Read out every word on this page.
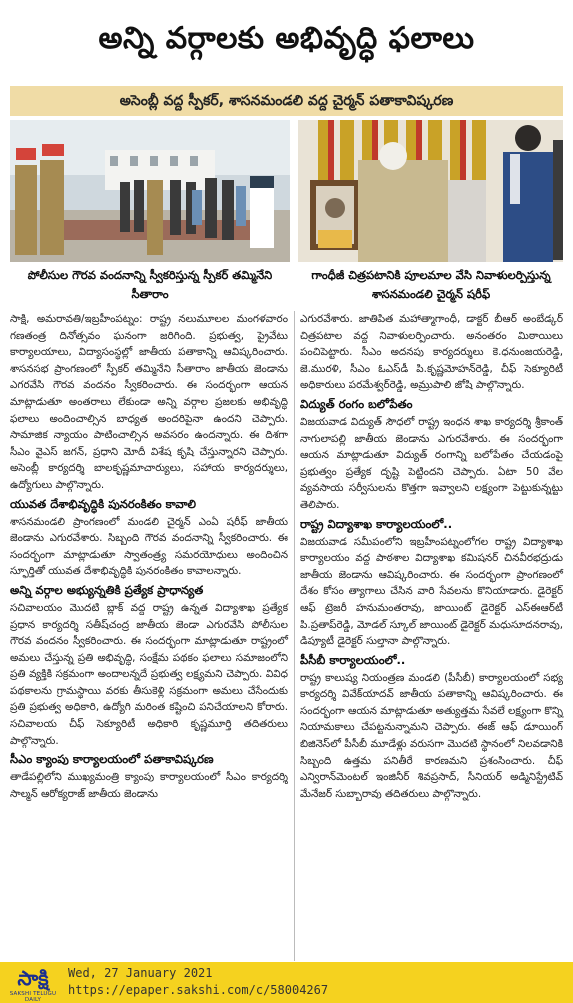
అన్ని వర్గాలకు అభివృద్ధి ఫలాలు
అసెంబ్లీ వద్ద స్పీకర్, శాసనమండలి వద్ద చైర్మన్ పతాకావిష్కరణ
పోలీసుల గౌరవ వందనాన్ని స్వీకరిస్తున్న స్పీకర్ తమ్మినేని సీతారాం
గాంధీజీ చిత్రపటానికి పూలమాల వేసి నివాళులర్పిస్తున్న శాసనమండలి చైర్మన్ షరీఫ్

సాక్షి, అమరావతి/ఇబ్రహీంపట్నం: రాష్ట్ర నలుమూలల మంగళవారం గణతంత్ర దినోత్సవం ఘనంగా జరిగింది. ప్రభుత్వ, ప్రైవేటు కార్యాలయాలు, విద్యాసంస్థల్లో జాతీయ పతాకాన్ని ఆవిష్కరించారు. శాసనసభ ప్రాంగణంలో స్పీకర్ తమ్మినేని సీతారాం జాతీయ జెండాను ఎగరవేసి గౌరవ వందనం స్వీకరించారు. ఈ సందర్భంగా ఆయన మాట్లాడుతూ అంతరాలు లేకుండా అన్ని వర్గాల ప్రజలకు అభివృద్ధి ఫలాలు అందించాల్సిన బాధ్యత అందరిపైనా ఉందని చెప్పారు. సామాజిక న్యాయం పాటించాల్సిన అవసరం ఉందన్నారు. ఈ దిశగా సీఎం వైఎస్ జగన్, ప్రధాని మోదీ విశేష కృషి చేస్తున్నారని చెప్పారు. అసెంబ్లీ కార్యదర్శి బాలకృష్ణమాచార్యులు, సహాయ కార్యదర్శులు, ఉద్యోగులు పాల్గొన్నారు.

యువత దేశాభివృద్ధికి పునరంకితం కావాలి

శాసనమండలి ప్రాంగణంలో మండలి చైర్మన్ ఎంఏ షరీఫ్ జాతీయ జెండాను ఎగురవేశారు. సిబ్బంది గౌరవ వందనాన్ని స్వీకరించారు. ఈ సందర్భంగా మాట్లాడుతూ స్వాతంత్ర్య సమరయోధులు అందించిన స్ఫూర్తితో యువత దేశాభివృద్ధికి పునరంకితం కావాలన్నారు.

అన్ని వర్గాల అభ్యున్నతికి ప్రత్యేక ప్రాధాన్యత

సచివాలయం మొదటి బ్లాక్ వద్ద రాష్ట్ర ఉన్నత విద్యాశాఖ ప్రత్యేక ప్రధాన కార్యదర్శి సతీష్‌చంద్ర జాతీయ జెండా ఎగురవేసి పోలీసుల గౌరవ వందనం స్వీకరించారు. ఈ సందర్భంగా మాట్లాడుతూ రాష్ట్రంలో అమలు చేస్తున్న ప్రతి అభివృద్ధి, సంక్షేమ పథకం ఫలాలు సమాజంలోని ప్రతి వ్యక్తికి సక్రమంగా అందాలన్నదే ప్రభుత్వ లక్ష్యమని చెప్పారు. వివిధ పథకాలను గ్రామస్థాయి వరకు తీసుకెళ్లి సక్రమంగా అమలు చేసేందుకు ప్రతి ప్రభుత్వ అధికారి, ఉద్యోగి మరింత కష్టించి పనిచేయాలని కోరారు. సచివాలయ చీఫ్ సెక్యూరిటీ అధికారి కృష్ణమూర్తి తదితరులు పాల్గొన్నారు.

సీఎం క్యాంపు కార్యాలయంలో పతాకావిష్కరణ

తాడేపల్లిలోని ముఖ్యమంత్రి క్యాంపు కార్యాలయంలో సీఎం కార్యదర్శి సాల్మన్ ఆరోక్యరాజ్ జాతీయ జెండాను

ఎగురవేశారు. జాతిపిత మహాత్మాగాంధీ, డాక్టర్ బీఆర్ అంబేడ్కర్ చిత్రపటాల వద్ద నివాళులర్పించారు. అనంతరం మిఠాయిలు పంచిపెట్టారు. సీఎం అదనపు కార్యదర్శులు కె.ధనుంజయరెడ్డి, జె.మురళి, సీఎం ఓఎస్‌డీ పి.కృష్ణమోహన్‌రెడ్డి, చీఫ్ సెక్యూరిటీ అధికారులు పరమేశ్వర్‌రెడ్డి, అమ్రుపాలి జోషి పాల్గొన్నారు.

విద్యుత్ రంగం బలోపేతం

విజయవాడ విద్యుత్ సౌధలో రాష్ట్ర ఇంధన శాఖ కార్యదర్శి శ్రీకాంత్ నాగులాపల్లి జాతీయ జెండాను ఎగురవేశారు. ఈ సందర్భంగా ఆయన మాట్లాడుతూ విద్యుత్ రంగాన్ని బలోపేతం చేయడంపై ప్రభుత్వం ప్రత్యేక దృష్టి పెట్టిందని చెప్పారు. ఏటా 50 వేల వ్యవసాయ సర్వీసులను కొత్తగా ఇవ్వాలని లక్ష్యంగా పెట్టుకున్నట్టు తెలిపారు.

రాష్ట్ర విద్యాశాఖ కార్యాలయంలో..

విజయవాడ సమీపంలోని ఇబ్రహీంపట్నంలోగల రాష్ట్ర విద్యాశాఖ కార్యాలయం వద్ద పాఠశాల విద్యాశాఖ కమిషనర్ చినవీరభద్రుడు జాతీయ జెండాను ఆవిష్కరించారు. ఈ సందర్భంగా ప్రాంగణంలో దేశం కోసం త్యాగాలు చేసిన వారి సేవలను కొనియాడారు. డైరెక్టర్ ఆఫ్ ట్రెజరీ హనుమంతరావు, జాయింట్ డైరెక్టర్ ఎస్‌ఈఆర్‌టీ పి.ప్రతాప్‌రెడ్డి, మోడల్ స్కూల్ జాయింట్ డైరెక్టర్ మధుసూదనరావు, డిప్యూటీ డైరెక్టర్ సుల్తానా పాల్గొన్నారు.

పీసీబీ కార్యాలయంలో..

రాష్ట్ర కాలుష్య నియంత్రణ మండలి (పీసీబీ) కార్యాలయంలో సభ్య కార్యదర్శి వివేక్‌యాదవ్ జాతీయ పతాకాన్ని ఆవిష్కరించారు. ఈ సందర్భంగా ఆయన మాట్లాడుతూ అత్యుత్తమ సేవలే లక్ష్యంగా కొన్ని నియామకాలు చేపట్టనున్నామని చెప్పారు. ఈజ్ ఆఫ్ డూయింగ్ బిజినెస్‌లో పీసీబీ మూడేళ్లు వరుసగా మొదటి స్థానంలో నిలవడానికి సిబ్బంది ఉత్తమ పనితీరే కారణమని ప్రశంసించారు. చీఫ్ ఎన్విరాన్‌మెంటల్ ఇంజినీర్ శివప్రసాద్, సీనియర్ అడ్మినిస్ట్రేటివ్ మేనేజర్ సుబ్బారావు తదితరులు పాల్గొన్నారు.

సాక్షి
SAKSHI TELUGU DAILY
Wed, 27 January 2021
https://epaper.sakshi.com/c/58004267
